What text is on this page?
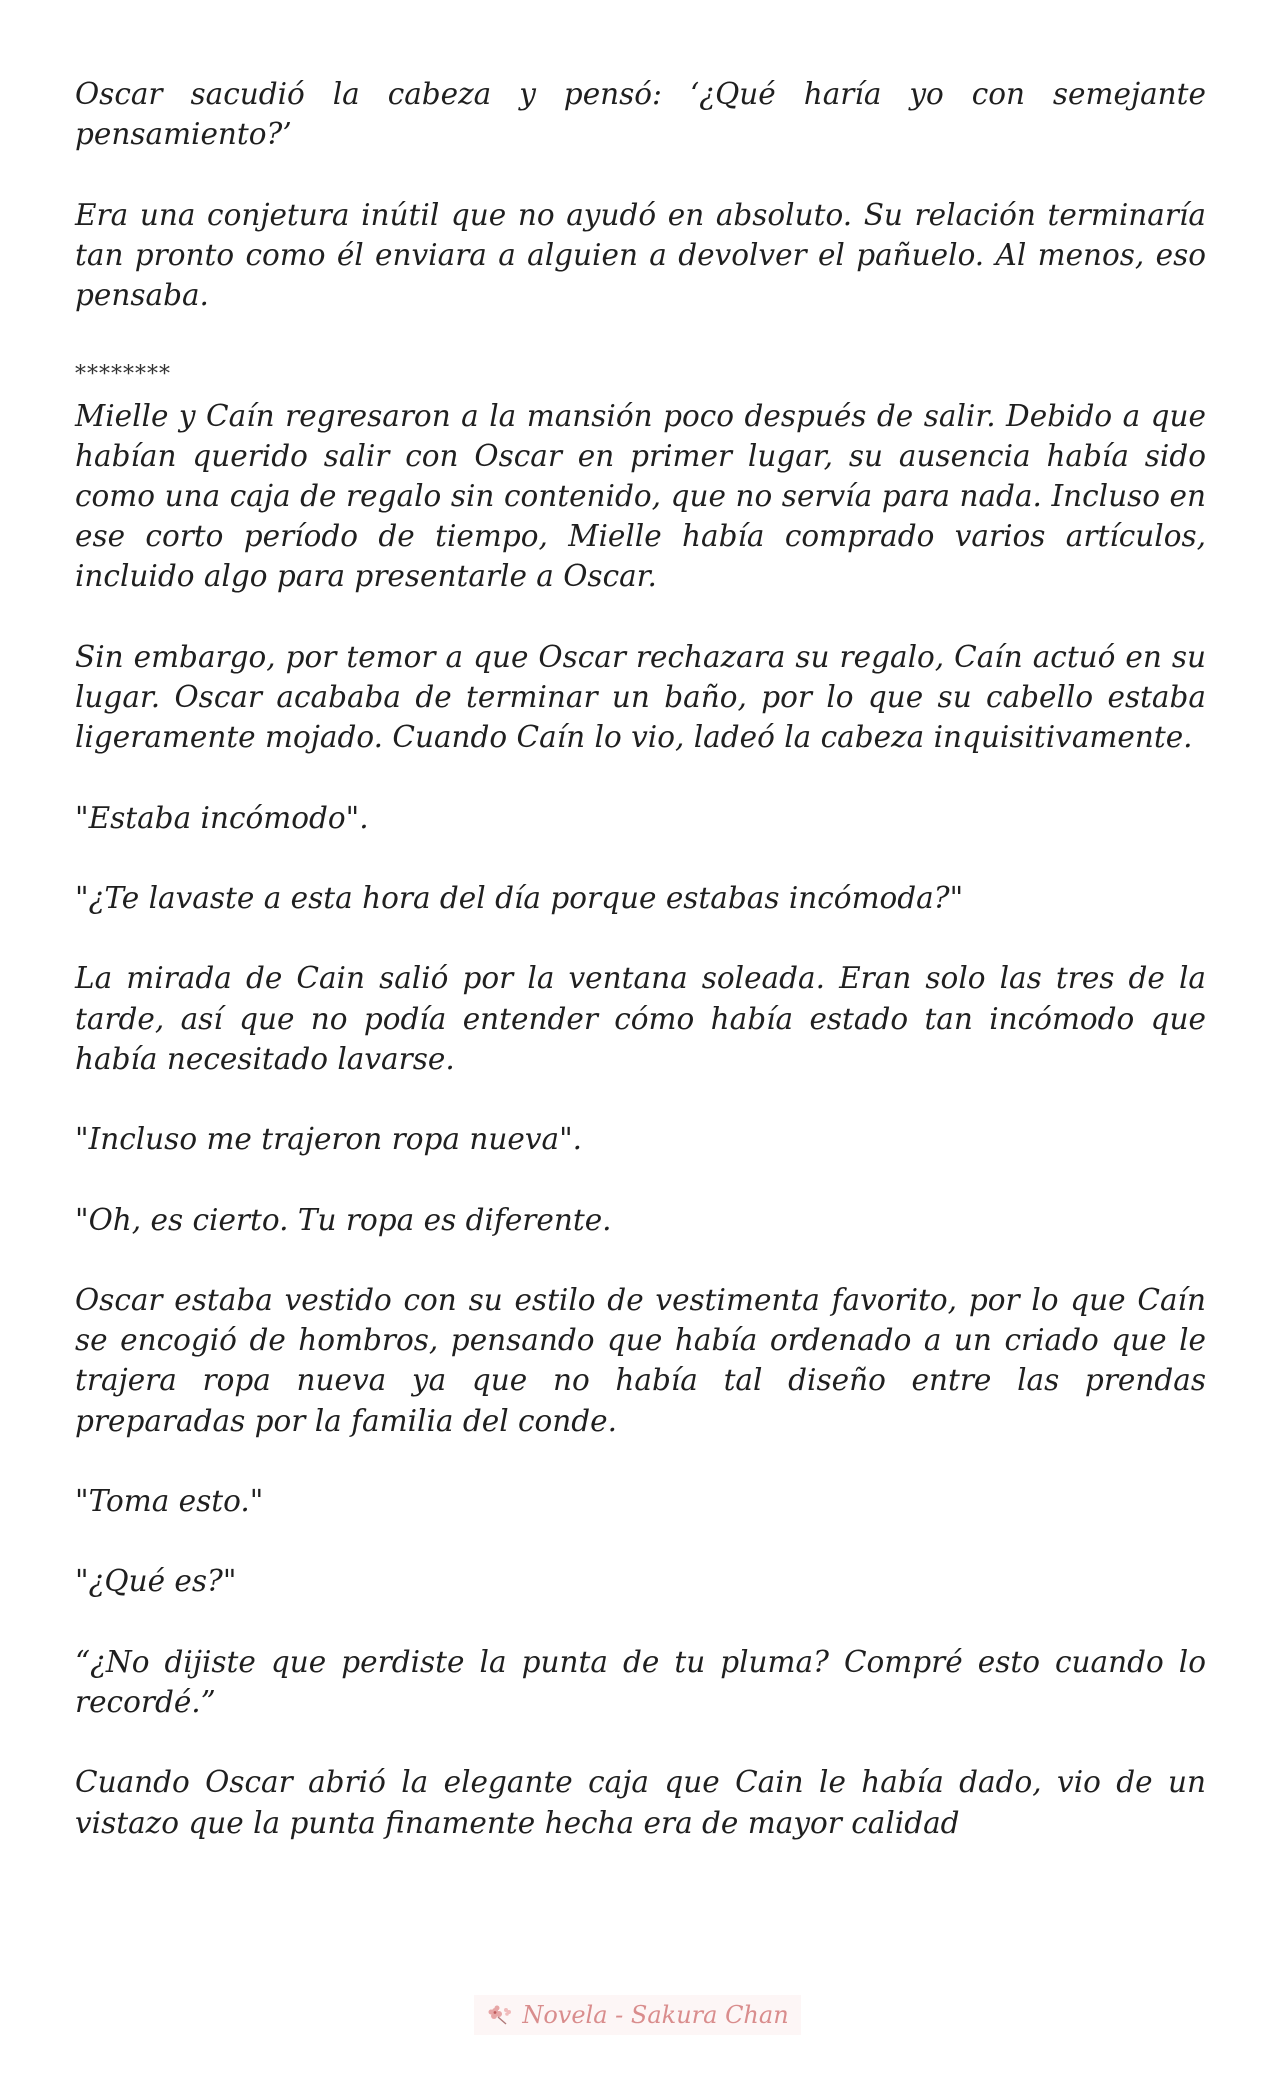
Oscar sacudió la cabeza y pensó: ‘¿Qué haría yo con semejante pensamiento?’

Era una conjetura inútil que no ayudó en absoluto. Su relación terminaría tan pronto como él enviara a alguien a devolver el pañuelo. Al menos, eso pensaba.

********

Mielle y Caín regresaron a la mansión poco después de salir. Debido a que habían querido salir con Oscar en primer lugar, su ausencia había sido como una caja de regalo sin contenido, que no servía para nada. Incluso en ese corto período de tiempo, Mielle había comprado varios artículos, incluido algo para presentarle a Oscar.

Sin embargo, por temor a que Oscar rechazara su regalo, Caín actuó en su lugar. Oscar acababa de terminar un baño, por lo que su cabello estaba ligeramente mojado. Cuando Caín lo vio, ladeó la cabeza inquisitivamente.

"Estaba incómodo".

"¿Te lavaste a esta hora del día porque estabas incómoda?"

La mirada de Cain salió por la ventana soleada. Eran solo las tres de la tarde, así que no podía entender cómo había estado tan incómodo que había necesitado lavarse.

"Incluso me trajeron ropa nueva".

"Oh, es cierto. Tu ropa es diferente.

Oscar estaba vestido con su estilo de vestimenta favorito, por lo que Caín se encogió de hombros, pensando que había ordenado a un criado que le trajera ropa nueva ya que no había tal diseño entre las prendas preparadas por la familia del conde.

"Toma esto."

"¿Qué es?"

“¿No dijiste que perdiste la punta de tu pluma? Compré esto cuando lo recordé.”

Cuando Oscar abrió la elegante caja que Cain le había dado, vio de un vistazo que la punta finamente hecha era de mayor calidad

Novela - Sakura Chan
